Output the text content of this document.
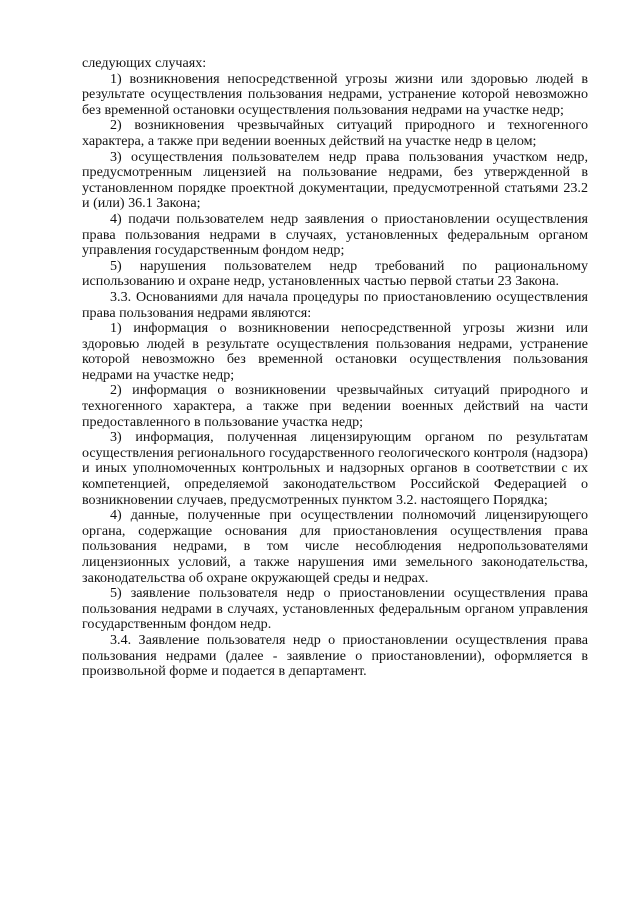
следующих случаях:

1) возникновения непосредственной угрозы жизни или здоровью людей в результате осуществления пользования недрами, устранение которой невозможно без временной остановки осуществления пользования недрами на участке недр;

2) возникновения чрезвычайных ситуаций природного и техногенного характера, а также при ведении военных действий на участке недр в целом;

3) осуществления пользователем недр права пользования участком недр, предусмотренным лицензией на пользование недрами, без утвержденной в установленном порядке проектной документации, предусмотренной статьями 23.2 и (или) 36.1 Закона;

4) подачи пользователем недр заявления о приостановлении осуществления права пользования недрами в случаях, установленных федеральным органом управления государственным фондом недр;

5) нарушения пользователем недр требований по рациональному использованию и охране недр, установленных частью первой статьи 23 Закона.

3.3. Основаниями для начала процедуры по приостановлению осуществления права пользования недрами являются:

1) информация о возникновении непосредственной угрозы жизни или здоровью людей в результате осуществления пользования недрами, устранение которой невозможно без временной остановки осуществления пользования недрами на участке недр;

2) информация о возникновении чрезвычайных ситуаций природного и техногенного характера, а также при ведении военных действий на части предоставленного в пользование участка недр;

3) информация, полученная лицензирующим органом по результатам осуществления регионального государственного геологического контроля (надзора) и иных уполномоченных контрольных и надзорных органов в соответствии с их компетенцией, определяемой законодательством Российской Федерацией о возникновении случаев, предусмотренных пунктом 3.2. настоящего Порядка;

4) данные, полученные при осуществлении полномочий лицензирующего органа, содержащие основания для приостановления осуществления права пользования недрами, в том числе несоблюдения недропользователями лицензионных условий, а также нарушения ими земельного законодательства, законодательства об охране окружающей среды и недрах.

5) заявление пользователя недр о приостановлении осуществления права пользования недрами в случаях, установленных федеральным органом управления государственным фондом недр.

3.4. Заявление пользователя недр о приостановлении осуществления права пользования недрами (далее - заявление о приостановлении), оформляется в произвольной форме и подается в департамент.
